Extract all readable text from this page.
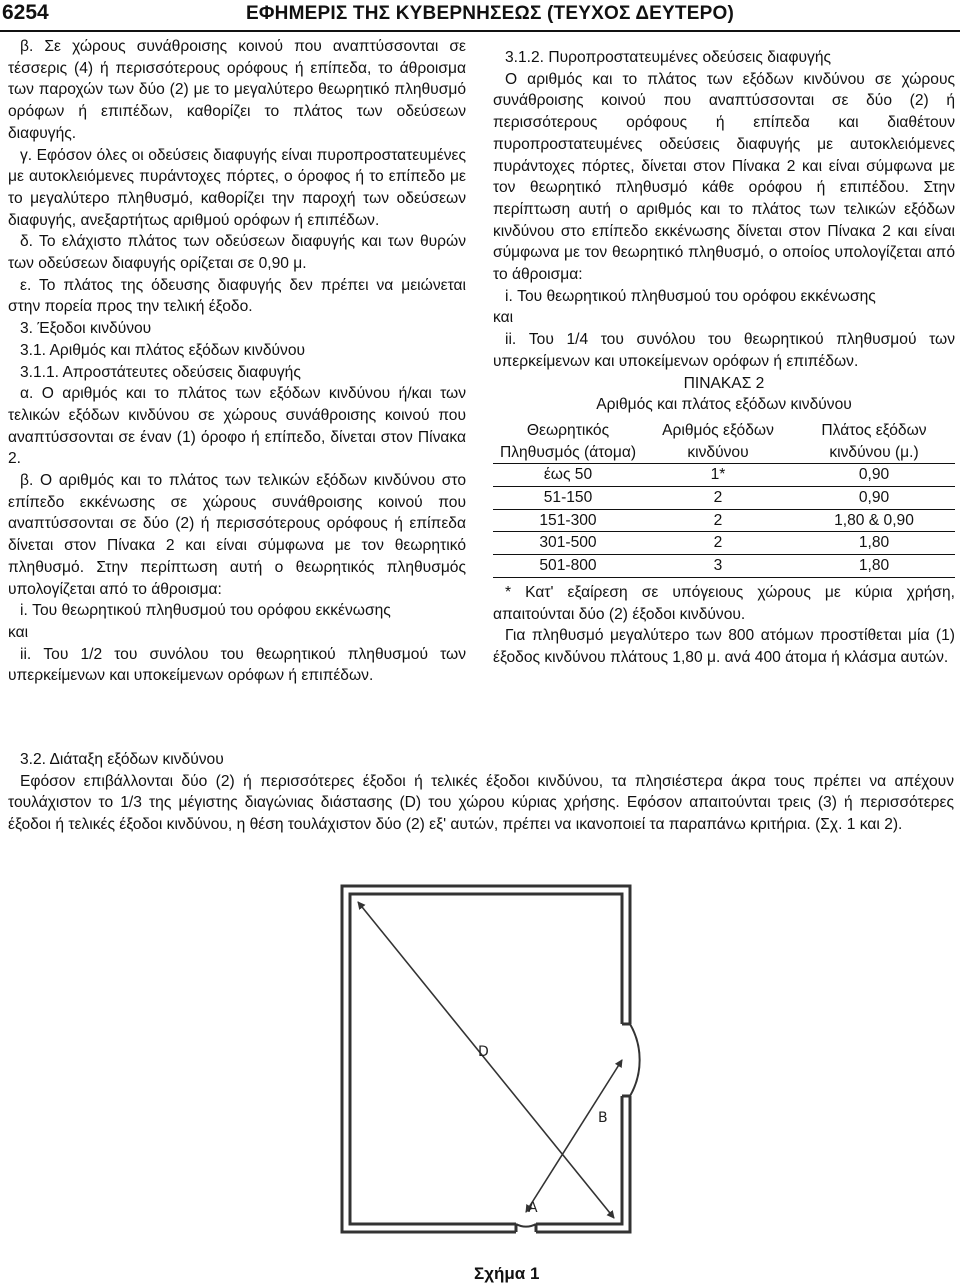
6254	ΕΦΗΜΕΡΙΣ ΤΗΣ ΚΥΒΕΡΝΗΣΕΩΣ (ΤΕΥΧΟΣ ΔΕΥΤΕΡΟ)

β. Σε χώρους συνάθροισης κοινού που αναπτύσσονται σε τέσσερις (4) ή περισσότερους ορόφους ή επίπεδα, το άθροισμα των παροχών των δύο (2) με το μεγαλύτερο θεωρητικό πληθυσμό ορόφων ή επιπέδων, καθορίζει το πλάτος των οδεύσεων διαφυγής.

γ. Εφόσον όλες οι οδεύσεις διαφυγής είναι πυροπροστατευμένες με αυτοκλειόμενες πυράντοχες πόρτες, ο όροφος ή το επίπεδο με το μεγαλύτερο πληθυσμό, καθορίζει την παροχή των οδεύσεων διαφυγής, ανεξαρτήτως αριθμού ορόφων ή επιπέδων.

δ. Το ελάχιστο πλάτος των οδεύσεων διαφυγής και των θυρών των οδεύσεων διαφυγής ορίζεται σε 0,90 μ.

ε. Το πλάτος της όδευσης διαφυγής δεν πρέπει να μειώνεται στην πορεία προς την τελική έξοδο.

3. Έξοδοι κινδύνου

3.1. Αριθμός και πλάτος εξόδων κινδύνου

3.1.1. Απροστάτευτες οδεύσεις διαφυγής

α. Ο αριθμός και το πλάτος των εξόδων κινδύνου ή/και των τελικών εξόδων κινδύνου σε χώρους συνάθροισης κοινού που αναπτύσσονται σε έναν (1) όροφο ή επίπεδο, δίνεται στον Πίνακα 2.

β. Ο αριθμός και το πλάτος των τελικών εξόδων κινδύνου στο επίπεδο εκκένωσης σε χώρους συνάθροισης κοινού που αναπτύσσονται σε δύο (2) ή περισσότερους ορόφους ή επίπεδα δίνεται στον Πίνακα 2 και είναι σύμφωνα με τον θεωρητικό πληθυσμό. Στην περίπτωση αυτή ο θεωρητικός πληθυσμός υπολογίζεται από το άθροισμα:

i. Του θεωρητικού πληθυσμού του ορόφου εκκένωσης

και

ii. Του 1/2 του συνόλου του θεωρητικού πληθυσμού των υπερκείμενων και υποκείμενων ορόφων ή επιπέδων.

3.1.2. Πυροπροστατευμένες οδεύσεις διαφυγής

Ο αριθμός και το πλάτος των εξόδων κινδύνου σε χώρους συνάθροισης κοινού που αναπτύσσονται σε δύο (2) ή περισσότερους ορόφους ή επίπεδα και διαθέτουν πυροπροστατευμένες οδεύσεις διαφυγής με αυτοκλειόμενες πυράντοχες πόρτες, δίνεται στον Πίνακα 2 και είναι σύμφωνα με τον θεωρητικό πληθυσμό κάθε ορόφου ή επιπέδου. Στην περίπτωση αυτή ο αριθμός και το πλάτος των τελικών εξόδων κινδύνου στο επίπεδο εκκένωσης δίνεται στον Πίνακα 2 και είναι σύμφωνα με τον θεωρητικό πληθυσμό, ο οποίος υπολογίζεται από το άθροισμα:

i. Του θεωρητικού πληθυσμού του ορόφου εκκένωσης

και

ii. Του 1/4 του συνόλου του θεωρητικού πληθυσμού των υπερκείμενων και υποκείμενων ορόφων ή επιπέδων.

ΠΙΝΑΚΑΣ 2

Αριθμός και πλάτος εξόδων κινδύνου

Θεωρητικός Πληθυσμός (άτομα)	Αριθμός εξόδων κινδύνου	Πλάτος εξόδων κινδύνου (μ.)
έως 50	1*	0,90
51-150	2	0,90
151-300	2	1,80 & 0,90
301-500	2	1,80
501-800	3	1,80

* Κατ' εξαίρεση σε υπόγειους χώρους με κύρια χρήση, απαιτούνται δύο (2) έξοδοι κινδύνου.

Για πληθυσμό μεγαλύτερο των 800 ατόμων προστίθεται μία (1) έξοδος κινδύνου πλάτους 1,80 μ. ανά 400 άτομα ή κλάσμα αυτών.

3.2. Διάταξη εξόδων κινδύνου

Εφόσον επιβάλλονται δύο (2) ή περισσότερες έξοδοι ή τελικές έξοδοι κινδύνου, τα πλησιέστερα άκρα τους πρέπει να απέχουν τουλάχιστον το 1/3 της μέγιστης διαγώνιας διάστασης (D) του χώρου κύριας χρήσης. Εφόσον απαιτούνται τρεις (3) ή περισσότερες έξοδοι ή τελικές έξοδοι κινδύνου, η θέση τουλάχιστον δύο (2) εξ' αυτών, πρέπει να ικανοποιεί τα παραπάνω κριτήρια. (Σχ. 1 και 2).

D
B
A
Σχήμα 1
